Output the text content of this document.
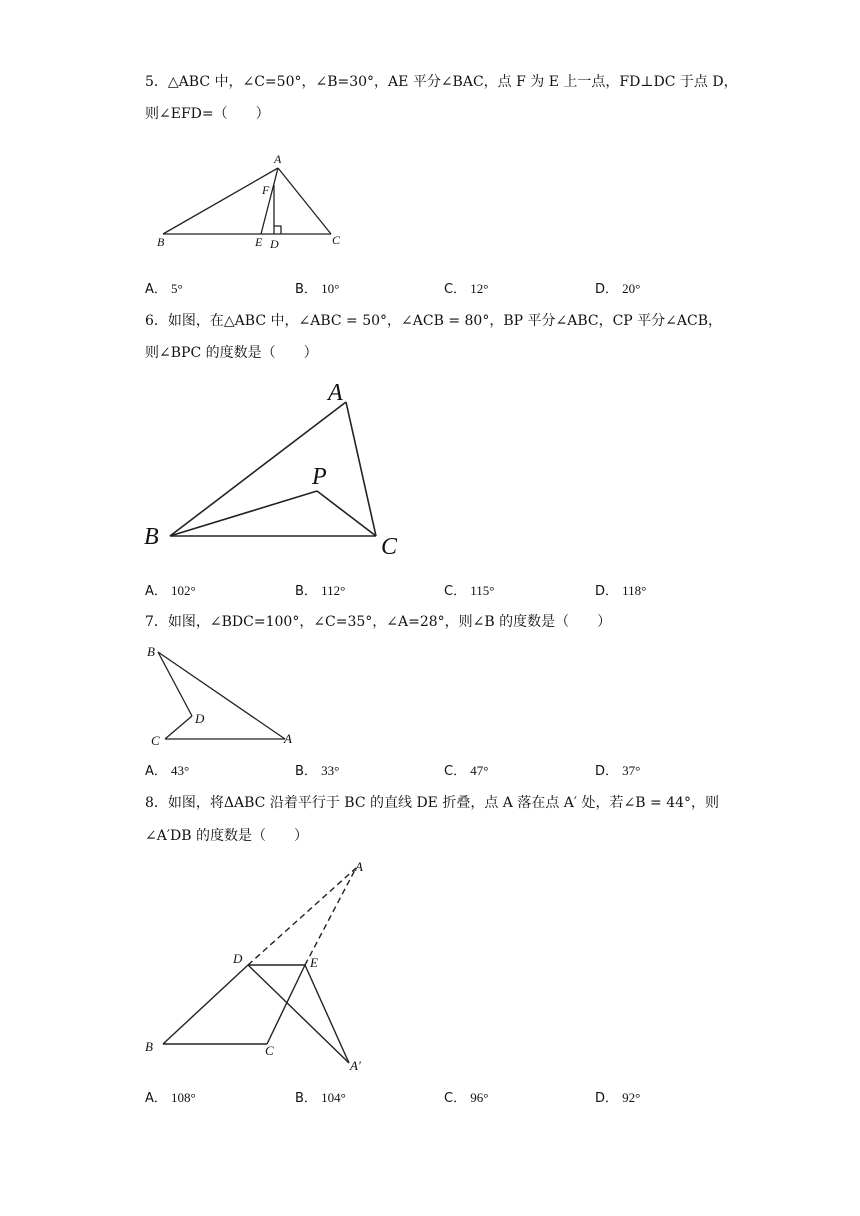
5．△ABC 中，∠C=50°，∠B=30°，AE 平分∠BAC，点 F 为 E 上一点，FD⊥DC 于点 D，
则∠EFD=（　　）
A
F
B	E D	C
A． 5°	B． 10°	C． 12°	D． 20°
6．如图，在△ABC 中，∠ABC = 50°，∠ACB = 80°，BP 平分∠ABC，CP 平分∠ACB，
则∠BPC 的度数是（　　）
A
P
B	C
A． 102°	B． 112°	C． 115°	D． 118°
7．如图，∠BDC=100°，∠C=35°，∠A=28°，则∠B 的度数是（　　）
B
D
C	A
A． 43°	B． 33°	C． 47°	D． 37°
8．如图，将ΔABC 沿着平行于 BC 的直线 DE 折叠，点 A 落在点 A′ 处，若∠B = 44°，则
∠A′DB 的度数是（　　）
A
D	E
B	C
A′
A． 108°	B． 104°	C． 96°	D． 92°
